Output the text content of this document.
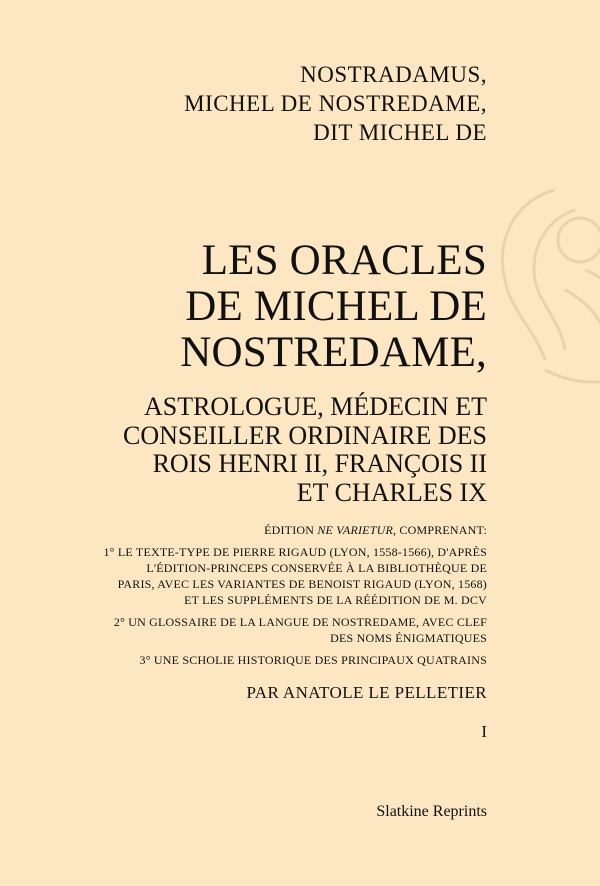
NOSTRADAMUS,
MICHEL DE NOSTREDAME,
DIT MICHEL DE
LES ORACLES
DE MICHEL DE
NOSTREDAME,
ASTROLOGUE, MÉDECIN ET
CONSEILLER ORDINAIRE DES
ROIS HENRI II, FRANÇOIS II
ET CHARLES IX
ÉDITION NE VARIETUR, COMPRENANT:
1° LE TEXTE-TYPE DE PIERRE RIGAUD (LYON, 1558-1566), D'APRÈS
L'ÉDITION-PRINCEPS CONSERVÉE À LA BIBLIOTHÈQUE DE
PARIS, AVEC LES VARIANTES DE BENOIST RIGAUD (LYON, 1568)
ET LES SUPPLÉMENTS DE LA RÉÉDITION DE M. DCV
2° UN GLOSSAIRE DE LA LANGUE DE NOSTREDAME, AVEC CLEF
DES NOMS ÉNIGMATIQUES
3° UNE SCHOLIE HISTORIQUE DES PRINCIPAUX QUATRAINS
PAR ANATOLE LE PELLETIER
I
Slatkine Reprints
